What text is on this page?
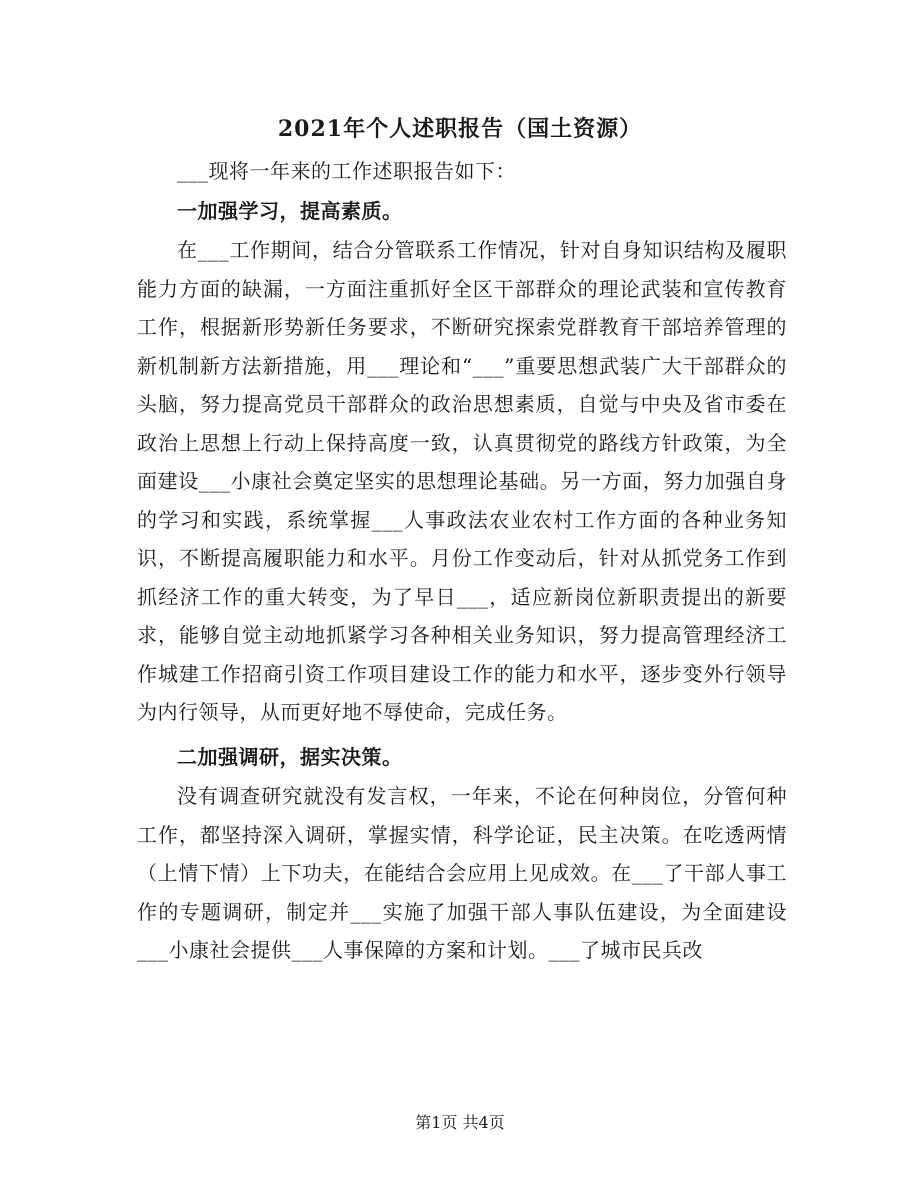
2021年个人述职报告（国土资源）

___现将一年来的工作述职报告如下：

一加强学习，提高素质。

在___工作期间，结合分管联系工作情况，针对自身知识结构及履职能力方面的缺漏，一方面注重抓好全区干部群众的理论武装和宣传教育工作，根据新形势新任务要求，不断研究探索党群教育干部培养管理的新机制新方法新措施，用___理论和“___”重要思想武装广大干部群众的头脑，努力提高党员干部群众的政治思想素质，自觉与中央及省市委在政治上思想上行动上保持高度一致，认真贯彻党的路线方针政策，为全面建设___小康社会奠定坚实的思想理论基础。另一方面，努力加强自身的学习和实践，系统掌握___人事政法农业农村工作方面的各种业务知识，不断提高履职能力和水平。月份工作变动后，针对从抓党务工作到抓经济工作的重大转变，为了早日___，适应新岗位新职责提出的新要求，能够自觉主动地抓紧学习各种相关业务知识，努力提高管理经济工作城建工作招商引资工作项目建设工作的能力和水平，逐步变外行领导为内行领导，从而更好地不辱使命，完成任务。

二加强调研，据实决策。

没有调查研究就没有发言权，一年来，不论在何种岗位，分管何种工作，都坚持深入调研，掌握实情，科学论证，民主决策。在吃透两情（上情下情）上下功夫，在能结合会应用上见成效。在___了干部人事工作的专题调研，制定并___实施了加强干部人事队伍建设，为全面建设___小康社会提供___人事保障的方案和计划。___了城市民兵改

第1页 共4页
